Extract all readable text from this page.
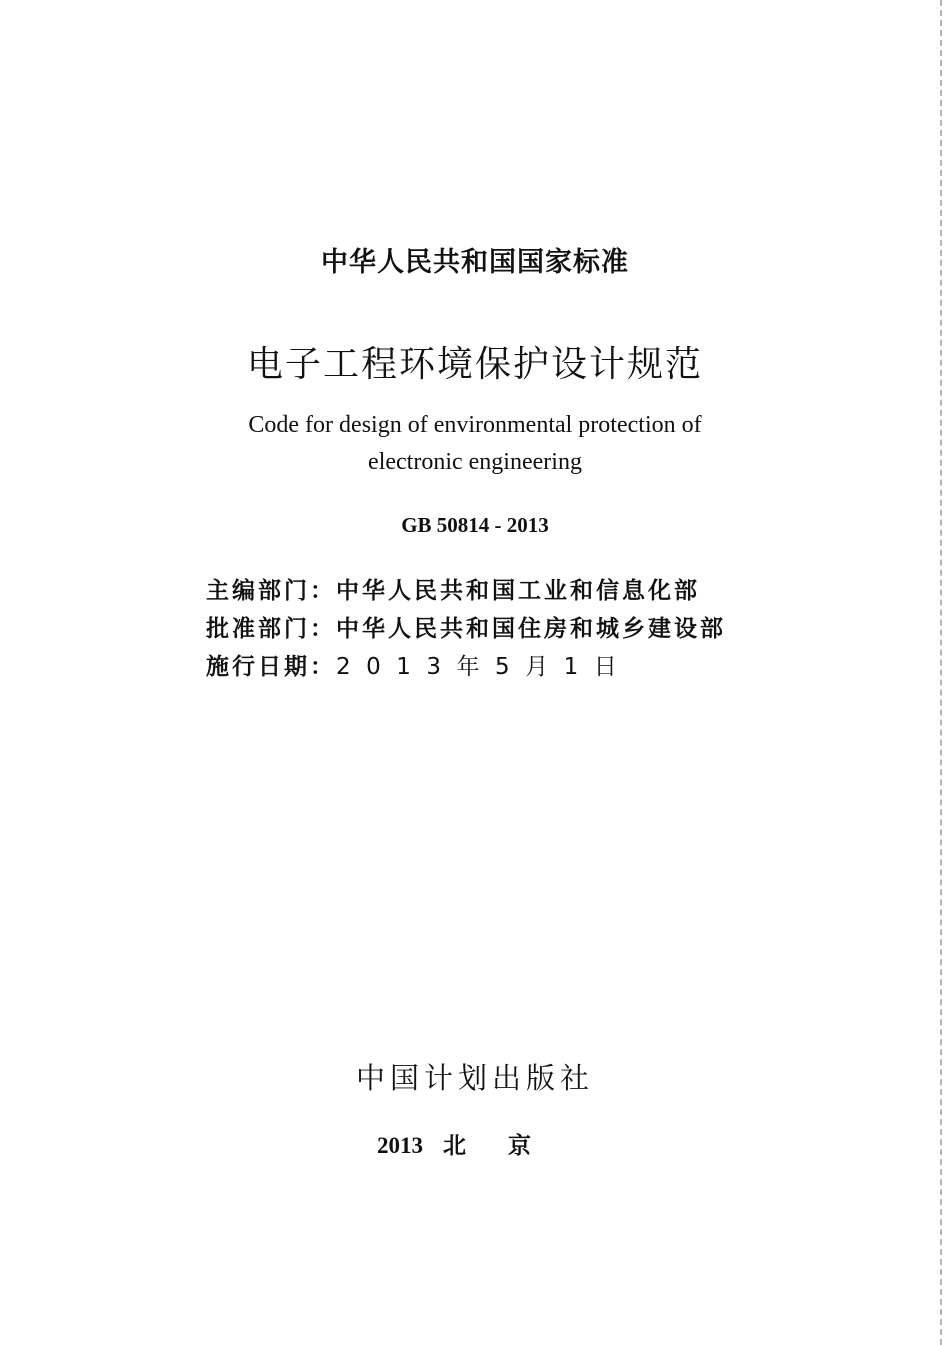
中华人民共和国国家标准
电子工程环境保护设计规范
Code for design of environmental protection of
electronic engineering
GB 50814 - 2013
主编部门：中华人民共和国工业和信息化部
批准部门：中华人民共和国住房和城乡建设部
施行日期：2013年5月1日
中国计划出版社
2013 北京
